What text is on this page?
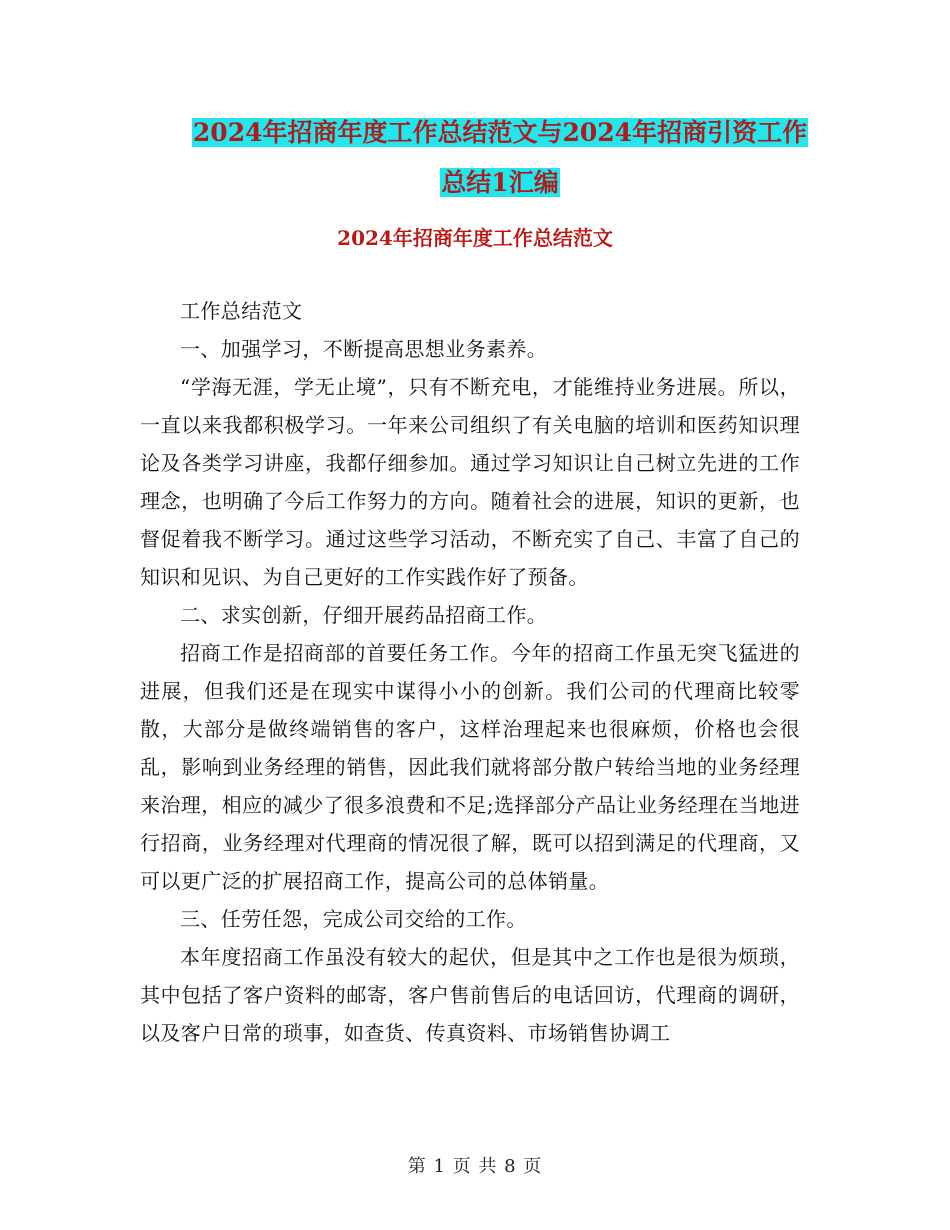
2024年招商年度工作总结范文与2024年招商引资工作
总结1汇编
2024年招商年度工作总结范文

工作总结范文

一、加强学习，不断提高思想业务素养。

“学海无涯，学无止境”，只有不断充电，才能维持业务进展。所以，一直以来我都积极学习。一年来公司组织了有关电脑的培训和医药知识理论及各类学习讲座，我都仔细参加。通过学习知识让自己树立先进的工作理念，也明确了今后工作努力的方向。随着社会的进展，知识的更新，也督促着我不断学习。通过这些学习活动，不断充实了自己、丰富了自己的知识和见识、为自己更好的工作实践作好了预备。

二、求实创新，仔细开展药品招商工作。

招商工作是招商部的首要任务工作。今年的招商工作虽无突飞猛进的进展，但我们还是在现实中谋得小小的创新。我们公司的代理商比较零散，大部分是做终端销售的客户，这样治理起来也很麻烦，价格也会很乱，影响到业务经理的销售，因此我们就将部分散户转给当地的业务经理来治理，相应的减少了很多浪费和不足;选择部分产品让业务经理在当地进行招商，业务经理对代理商的情况很了解，既可以招到满足的代理商，又可以更广泛的扩展招商工作，提高公司的总体销量。

三、任劳任怨，完成公司交给的工作。

本年度招商工作虽没有较大的起伏，但是其中之工作也是很为烦琐，其中包括了客户资料的邮寄，客户售前售后的电话回访，代理商的调研，以及客户日常的琐事，如查货、传真资料、市场销售协调工

第 1 页 共 8 页
